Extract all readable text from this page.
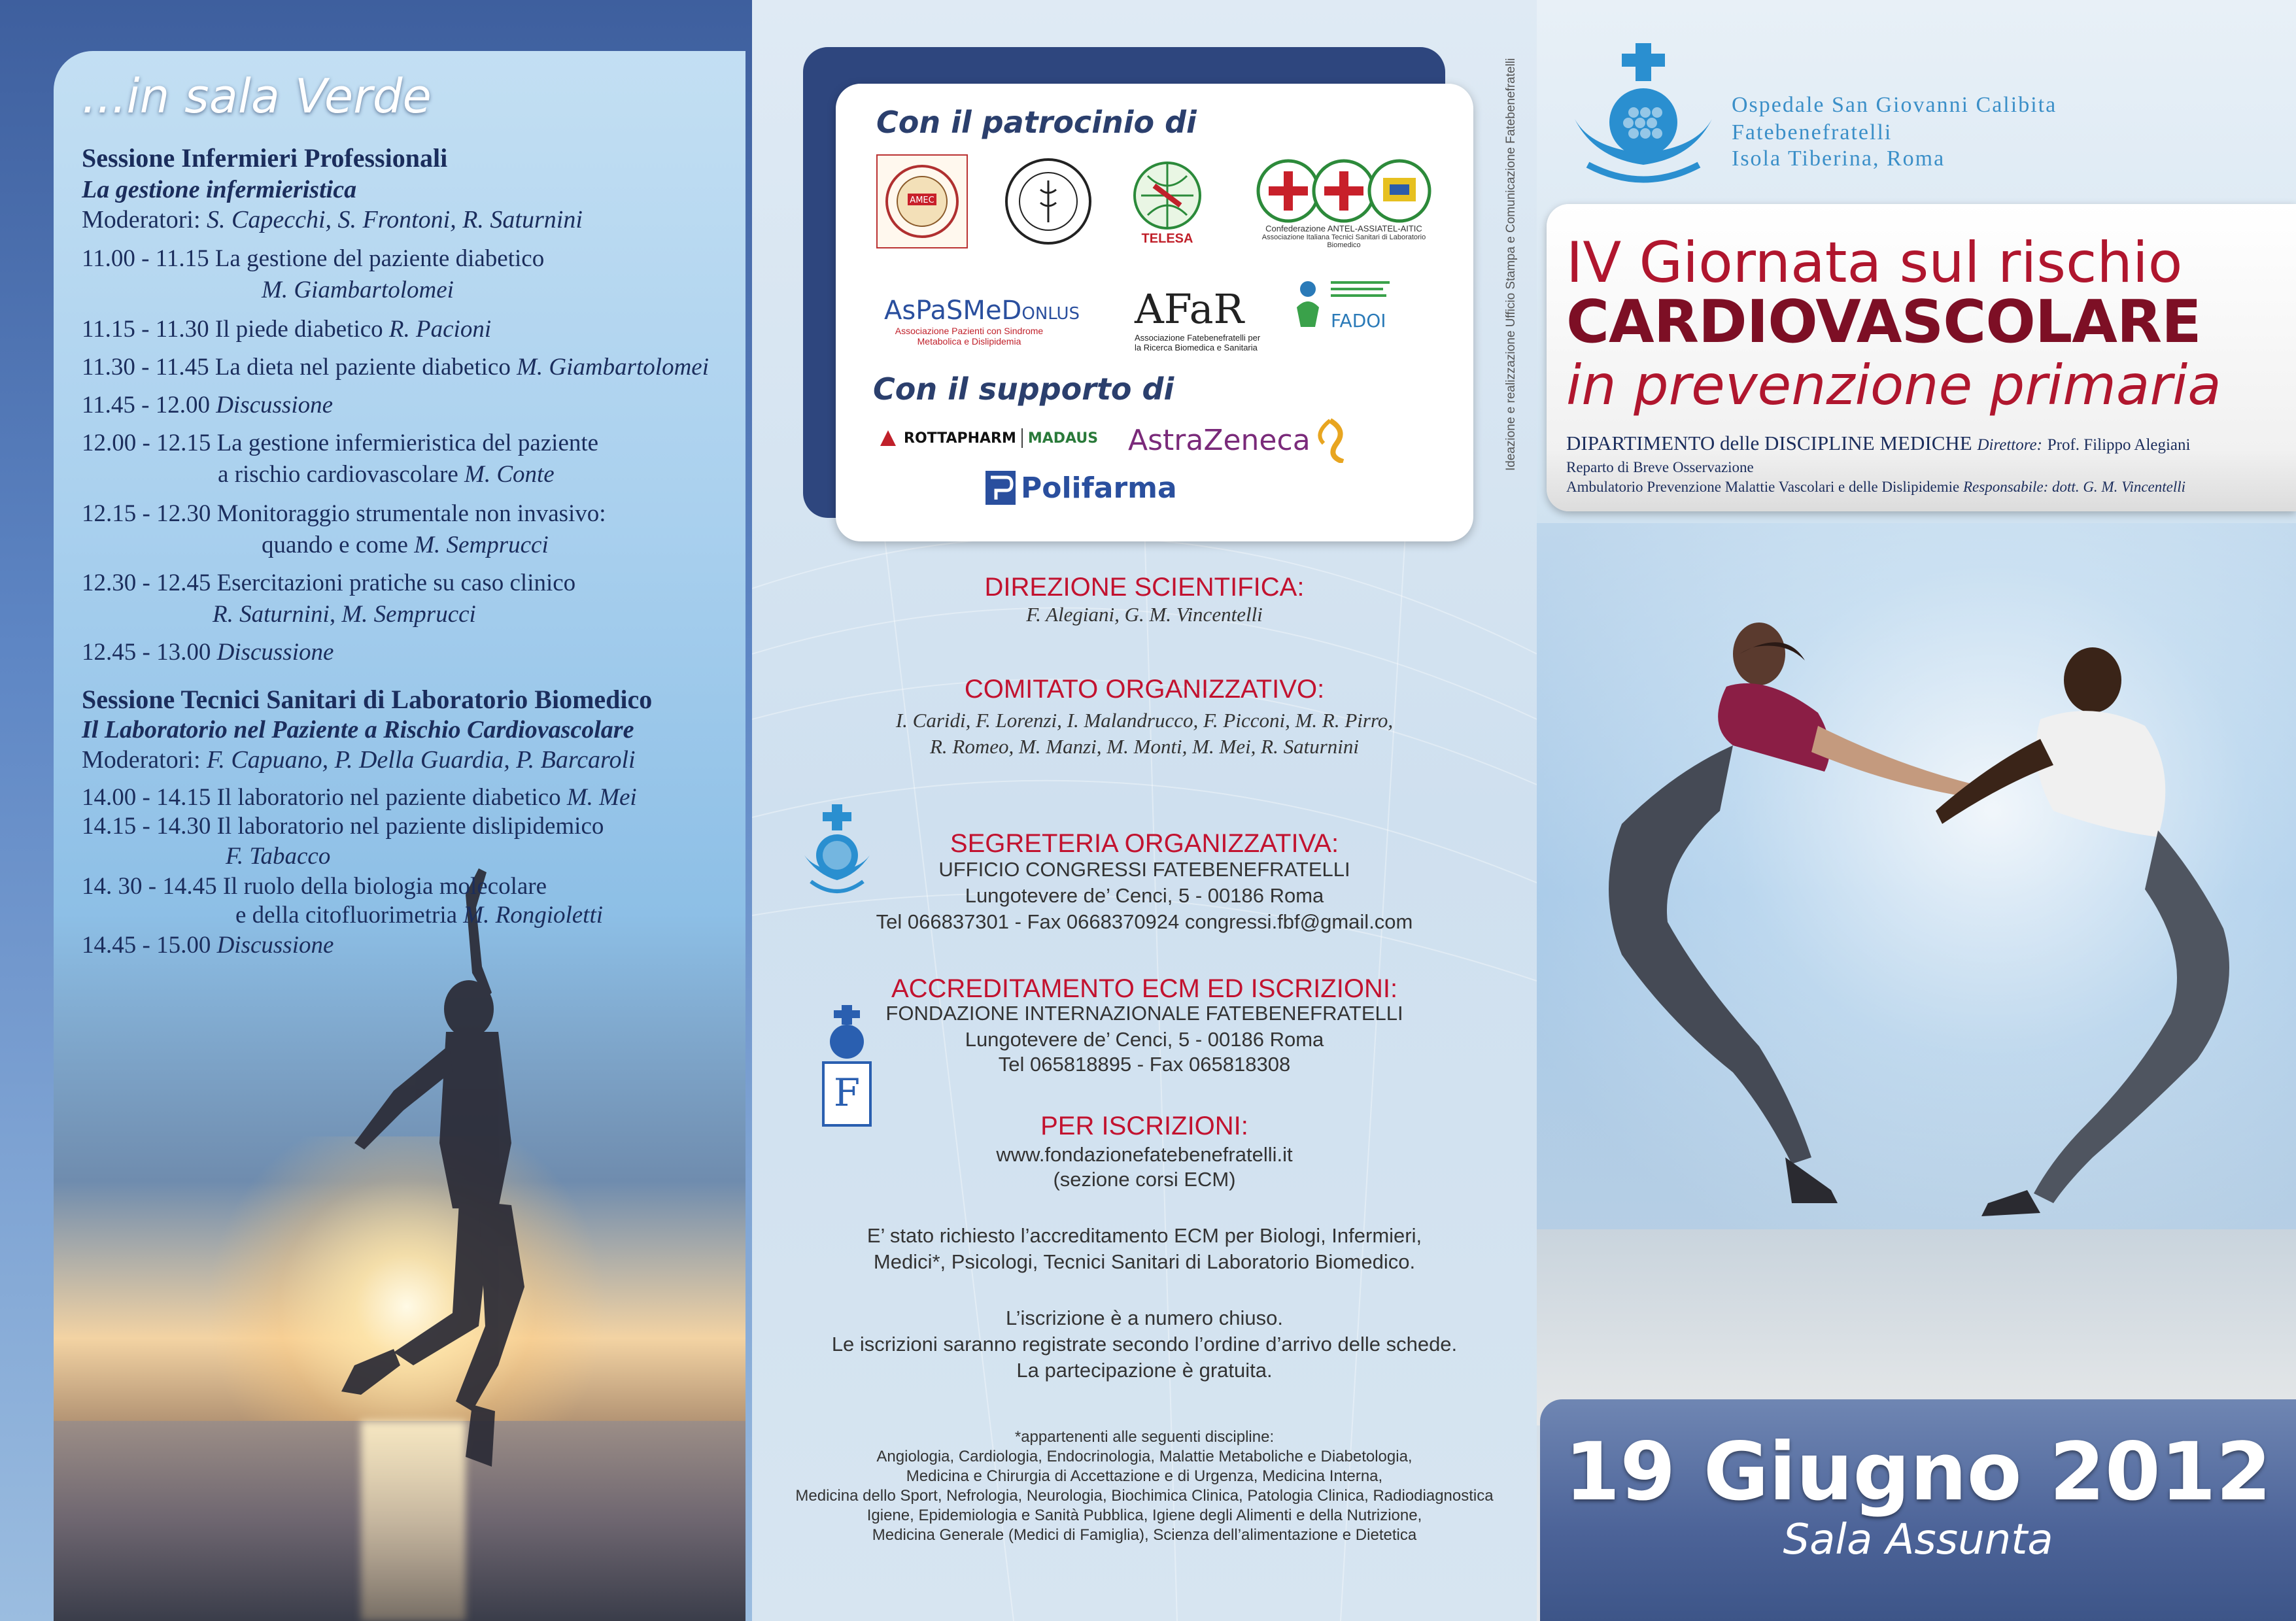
...in sala Verde
Sessione Infermieri Professionali
La gestione infermieristica
Moderatori: S. Capecchi, S. Frontoni, R. Saturnini
11.00 - 11.15 La gestione del paziente diabetico
M. Giambartolomei
11.15 - 11.30 Il piede diabetico R. Pacioni
11.30 - 11.45 La dieta nel paziente diabetico M. Giambartolomei
11.45 - 12.00 Discussione
12.00 - 12.15 La gestione infermieristica del paziente
a rischio cardiovascolare M. Conte
12.15 - 12.30 Monitoraggio strumentale non invasivo:
quando e come M. Semprucci
12.30 - 12.45 Esercitazioni pratiche su caso clinico
R. Saturnini, M. Semprucci
12.45 - 13.00 Discussione
Sessione Tecnici Sanitari di Laboratorio Biomedico
Il Laboratorio nel Paziente a Rischio Cardiovascolare
Moderatori: F. Capuano, P. Della Guardia, P. Barcaroli
14.00 - 14.15 Il laboratorio nel paziente diabetico M. Mei
14.15 - 14.30 Il laboratorio nel paziente dislipidemico
F. Tabacco
14. 30 - 14.45 Il ruolo della biologia molecolare
e della citofluorimetria M. Rongioletti
14.45 - 15.00 Discussione
Con il patrocinio di
AMEC
TELESA
Confederazione ANTEL-ASSIATEL-AITIC
Associazione Italiana Tecnici Sanitari di Laboratorio Biomedico
AsPaSMeDONLUS
Associazione Pazienti con Sindrome Metabolica e Dislipidemia
AFaR
Associazione Fatebenefratelli per la Ricerca Biomedica e Sanitaria
FADOI
Con il supporto di
ROTTAPHARM MADAUS AstraZeneca
Polifarma
Ideazione e realizzazione Ufficio Stampa e Comunicazione Fatebenefratelli
DIREZIONE SCIENTIFICA:
F. Alegiani, G. M. Vincentelli
COMITATO ORGANIZZATIVO:
I. Caridi, F. Lorenzi, I. Malandrucco, F. Picconi, M. R. Pirro,
R. Romeo, M. Manzi, M. Monti, M. Mei, R. Saturnini
SEGRETERIA ORGANIZZATIVA:
UFFICIO CONGRESSI FATEBENEFRATELLI
Lungotevere de’ Cenci, 5 - 00186 Roma
Tel 066837301 - Fax 0668370924 congressi.fbf@gmail.com
F
ACCREDITAMENTO ECM ED ISCRIZIONI:
FONDAZIONE INTERNAZIONALE FATEBENEFRATELLI
Lungotevere de’ Cenci, 5 - 00186 Roma
Tel 065818895 - Fax 065818308
PER ISCRIZIONI:
www.fondazionefatebenefratelli.it
(sezione corsi ECM)
E’ stato richiesto l’accreditamento ECM per Biologi, Infermieri,
Medici*, Psicologi, Tecnici Sanitari di Laboratorio Biomedico.
L’iscrizione è a numero chiuso.
Le iscrizioni saranno registrate secondo l’ordine d’arrivo delle schede.
La partecipazione è gratuita.
*appartenenti alle seguenti discipline:
Angiologia, Cardiologia, Endocrinologia, Malattie Metaboliche e Diabetologia,
Medicina e Chirurgia di Accettazione e di Urgenza, Medicina Interna,
Medicina dello Sport, Nefrologia, Neurologia, Biochimica Clinica, Patologia Clinica, Radiodiagnostica
Igiene, Epidemiologia e Sanità Pubblica, Igiene degli Alimenti e della Nutrizione,
Medicina Generale (Medici di Famiglia), Scienza dell’alimentazione e Dietetica
Ospedale San Giovanni Calibita
Fatebenefratelli
Isola Tiberina, Roma
IV Giornata sul rischio
CARDIOVASCOLARE
in prevenzione primaria
DIPARTIMENTO delle DISCIPLINE MEDICHE Direttore: Prof. Filippo Alegiani
Reparto di Breve Osservazione
Ambulatorio Prevenzione Malattie Vascolari e delle Dislipidemie Responsabile: dott. G. M. Vincentelli
19 Giugno 2012
Sala Assunta
